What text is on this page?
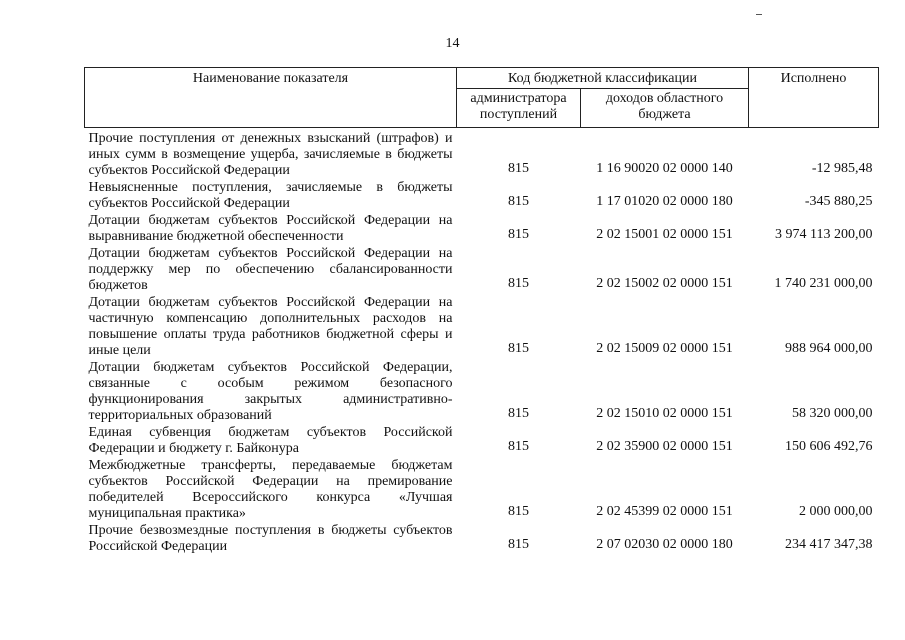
14
Наименование показателя	Код бюджетной классификации		Исполнено
	администратора поступлений	доходов областного бюджета	
Прочие поступления от денежных взысканий (штрафов) и иных сумм в возмещение ущерба, зачисляемые в бюджеты субъектов Российской Федерации	815	1 16 90020 02 0000 140	-12 985,48
Невыясненные поступления, зачисляемые в бюджеты субъектов Российской Федерации	815	1 17 01020 02 0000 180	-345 880,25
Дотации бюджетам субъектов Российской Федерации на выравнивание бюджетной обеспеченности	815	2 02 15001 02 0000 151	3 974 113 200,00
Дотации бюджетам субъектов Российской Федерации на поддержку мер по обеспечению сбалансированности бюджетов	815	2 02 15002 02 0000 151	1 740 231 000,00
Дотации бюджетам субъектов Российской Федерации на частичную компенсацию дополнительных расходов на повышение оплаты труда работников бюджетной сферы и иные цели	815	2 02 15009 02 0000 151	988 964 000,00
Дотации бюджетам субъектов Российской Федерации, связанные с особым режимом безопасного функционирования закрытых административно-территориальных образований	815	2 02 15010 02 0000 151	58 320 000,00
Единая субвенция бюджетам субъектов Российской Федерации и бюджету г. Байконура	815	2 02 35900 02 0000 151	150 606 492,76
Межбюджетные трансферты, передаваемые бюджетам субъектов Российской Федерации на премирование победителей Всероссийского конкурса «Лучшая муниципальная практика»	815	2 02 45399 02 0000 151	2 000 000,00
Прочие безвозмездные поступления в бюджеты субъектов Российской Федерации	815	2 07 02030 02 0000 180	234 417 347,38
